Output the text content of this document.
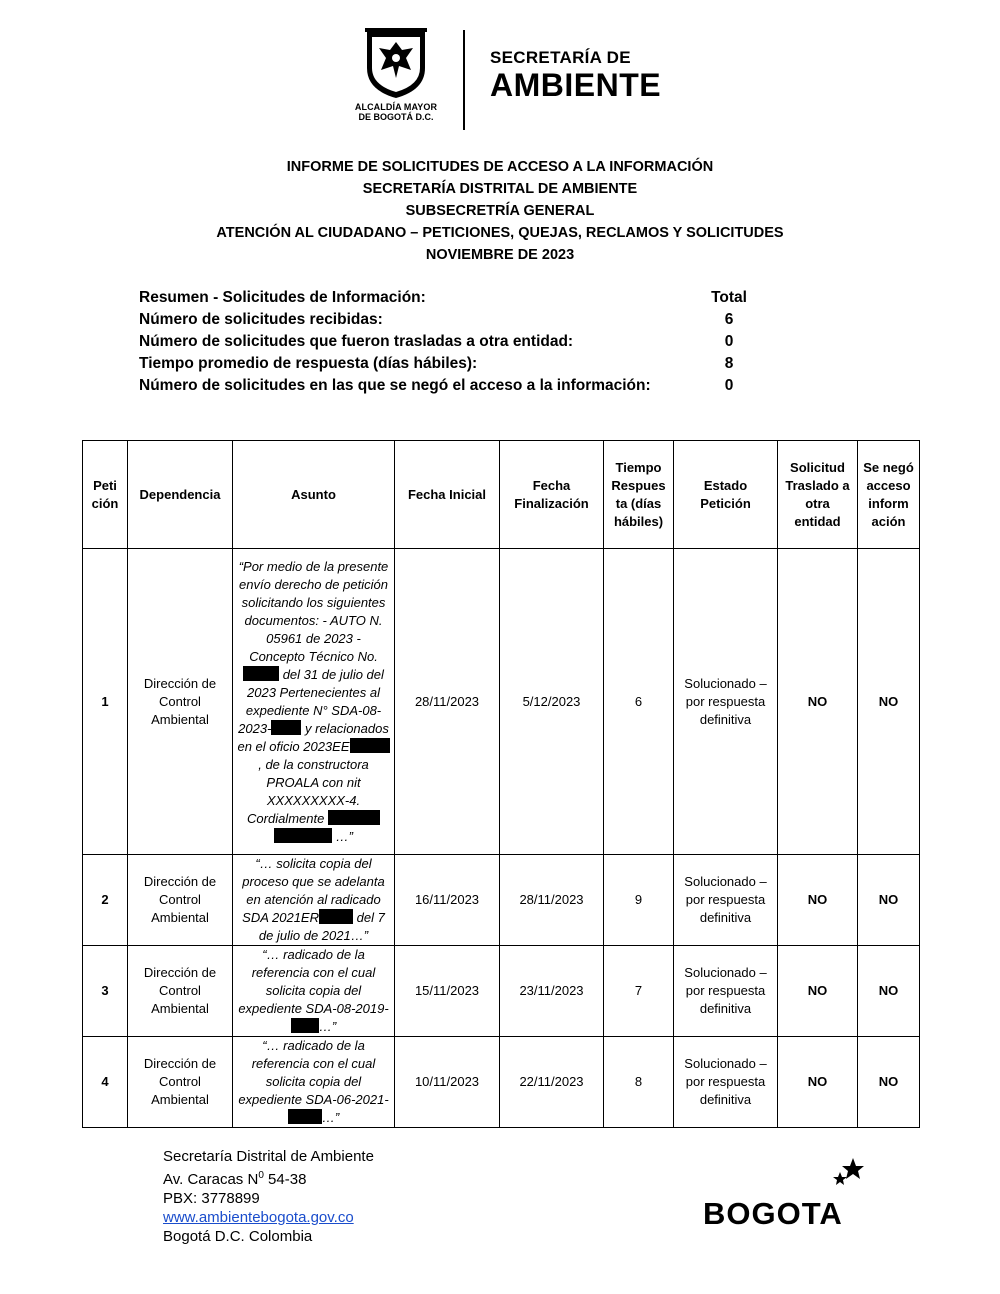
ALCALDÍA MAYOR
DE BOGOTÁ D.C.
SECRETARÍA DE
AMBIENTE
INFORME DE SOLICITUDES DE ACCESO A LA INFORMACIÓN
SECRETARÍA DISTRITAL DE AMBIENTE
SUBSECRETRÍA GENERAL
ATENCIÓN AL CIUDADANO – PETICIONES, QUEJAS, RECLAMOS Y SOLICITUDES
NOVIEMBRE DE 2023
Resumen - Solicitudes de Información:	Total
Número de solicitudes recibidas:	6
Número de solicitudes que fueron trasladas a otra entidad:	0
Tiempo promedio de respuesta (días hábiles):	8
Número de solicitudes en las que se negó el acceso a la información:	0
Peti ción	Dependencia	Asunto	Fecha Inicial	Fecha Finalización	Tiempo Respues ta (días hábiles)	Estado Petición	Solicitud Traslado a otra entidad	Se negó acceso inform ación
1	Dirección de Control Ambiental	“Por medio de la presente envío derecho de petición solicitando los siguientes documentos: - AUTO N. 05961 de 2023 - Concepto Técnico No.  del 31 de julio del 2023 Pertenecientes al expediente N° SDA-08-2023- y relacionados en el oficio 2023EE, de la constructora PROALA con nit XXXXXXXXX-4. Cordialmente   …”	28/11/2023	5/12/2023	6	Solucionado – por respuesta definitiva	NO	NO
2	Dirección de Control Ambiental	“… solicita copia del proceso que se adelanta en atención al radicado SDA 2021ER del 7 de julio de 2021…”	16/11/2023	28/11/2023	9	Solucionado – por respuesta definitiva	NO	NO
3	Dirección de Control Ambiental	“… radicado de la referencia con el cual solicita copia del expediente SDA-08-2019-…”	15/11/2023	23/11/2023	7	Solucionado – por respuesta definitiva	NO	NO
4	Dirección de Control Ambiental	“… radicado de la referencia con el cual solicita copia del expediente SDA-06-2021-…”	10/11/2023	22/11/2023	8	Solucionado – por respuesta definitiva	NO	NO
Secretaría Distrital de Ambiente
Av. Caracas $N^0$ 54-38
PBX: 3778899
www.ambientebogota.gov.co
Bogotá D.C. Colombia
BOGOTA
